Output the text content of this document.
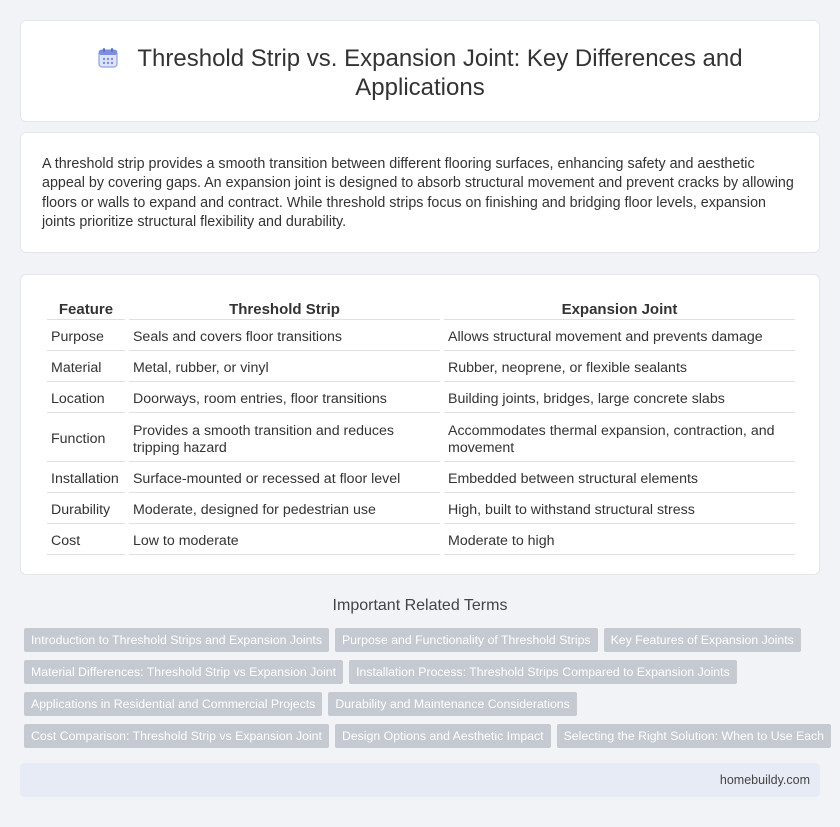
Threshold Strip vs. Expansion Joint: Key Differences and Applications

A threshold strip provides a smooth transition between different flooring surfaces, enhancing safety and aesthetic appeal by covering gaps. An expansion joint is designed to absorb structural movement and prevent cracks by allowing floors or walls to expand and contract. While threshold strips focus on finishing and bridging floor levels, expansion joints prioritize structural flexibility and durability.

Feature	Threshold Strip	Expansion Joint
Purpose	Seals and covers floor transitions	Allows structural movement and prevents damage
Material	Metal, rubber, or vinyl	Rubber, neoprene, or flexible sealants
Location	Doorways, room entries, floor transitions	Building joints, bridges, large concrete slabs
Function	Provides a smooth transition and reduces tripping hazard	Accommodates thermal expansion, contraction, and movement
Installation	Surface-mounted or recessed at floor level	Embedded between structural elements
Durability	Moderate, designed for pedestrian use	High, built to withstand structural stress
Cost	Low to moderate	Moderate to high
Important Related Terms
Introduction to Threshold Strips and Expansion Joints	Purpose and Functionality of Threshold Strips	Key Features of Expansion Joints
Material Differences: Threshold Strip vs Expansion Joint	Installation Process: Threshold Strips Compared to Expansion Joints
Applications in Residential and Commercial Projects	Durability and Maintenance Considerations
Cost Comparison: Threshold Strip vs Expansion Joint	Design Options and Aesthetic Impact	Selecting the Right Solution: When to Use Each
homebuildy.com
